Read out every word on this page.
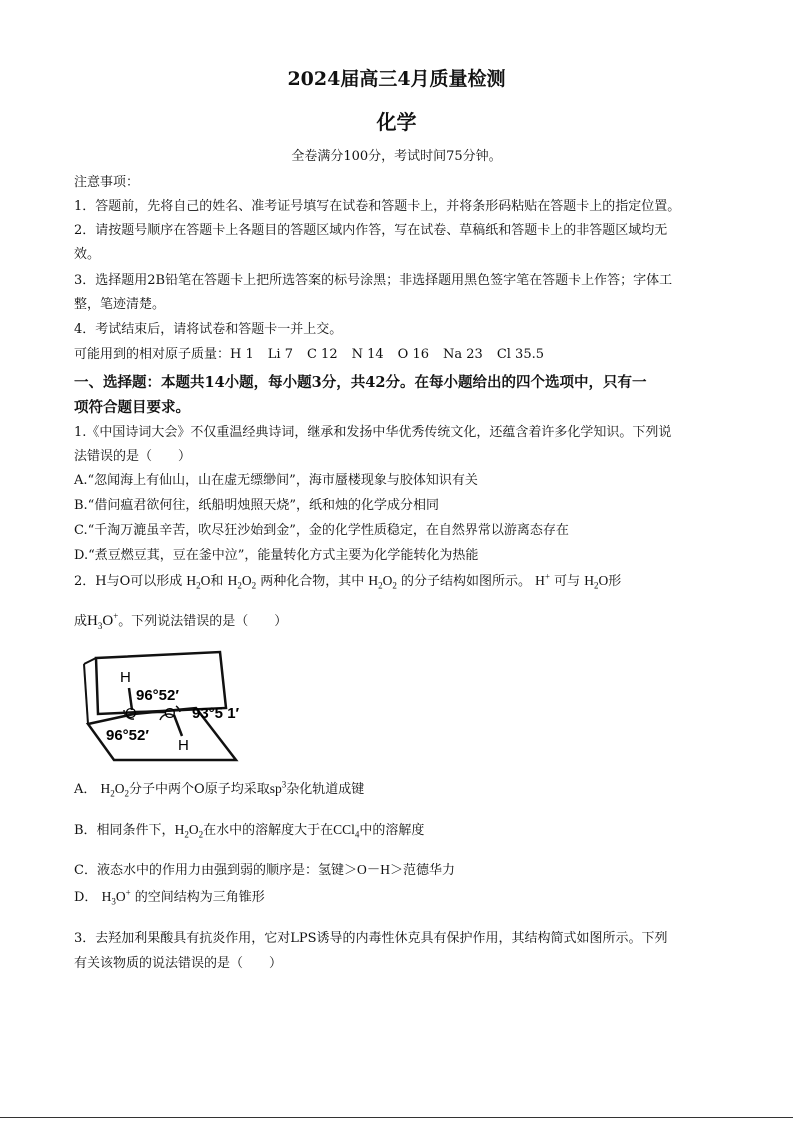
2024届高三4月质量检测
化学
全卷满分100分，考试时间75分钟。
注意事项：
1．答题前，先将自己的姓名、准考证号填写在试卷和答题卡上，并将条形码粘贴在答题卡上的指定位置。
2．请按题号顺序在答题卡上各题目的答题区域内作答，写在试卷、草稿纸和答题卡上的非答题区域均无
效。
3．选择题用2B铅笔在答题卡上把所选答案的标号涂黑；非选择题用黑色签字笔在答题卡上作答；字体工
整，笔迹清楚。
4．考试结束后，请将试卷和答题卡一并上交。
可能用到的相对原子质量：H 1 Li 7 C 12 N 14 O 16 Na 23 Cl 35.5
一、选择题：本题共14小题，每小题3分，共42分。在每小题给出的四个选项中，只有一
项符合题目要求。
1.《中国诗词大会》不仅重温经典诗词，继承和发扬中华优秀传统文化，还蕴含着许多化学知识。下列说
法错误的是（　　）
A.“忽闻海上有仙山，山在虚无缥缈间”，海市蜃楼现象与胶体知识有关
B.“借问瘟君欲何往，纸船明烛照天烧”，纸和烛的化学成分相同
C.“千淘万漉虽辛苦，吹尽狂沙始到金”，金的化学性质稳定，在自然界常以游离态存在
D.“煮豆燃豆萁，豆在釜中泣”，能量转化方式主要为化学能转化为热能
2．H与O可以形成 $H_2O$和 $H_2O_2$ 两种化合物，其中 $H_2O_2$ 的分子结构如图所示。 H+ 可与 $H_2O$形
成$H_3O^+$。下列说法错误的是（　　）
H
96°52′
O O 93°5 1′
96°52′
H
A． $H_2O_2$分子中两个O原子均采取$sp^3$杂化轨道成键
B．相同条件下，$H_2O_2$在水中的溶解度大于在CCl$_4$中的溶解度
C．液态水中的作用力由强到弱的顺序是：氢键＞O－H＞范德华力
D． $H_3O^+$ 的空间结构为三角锥形
3．去羟加利果酸具有抗炎作用，它对LPS诱导的内毒性休克具有保护作用，其结构简式如图所示。下列
有关该物质的说法错误的是（　　）
